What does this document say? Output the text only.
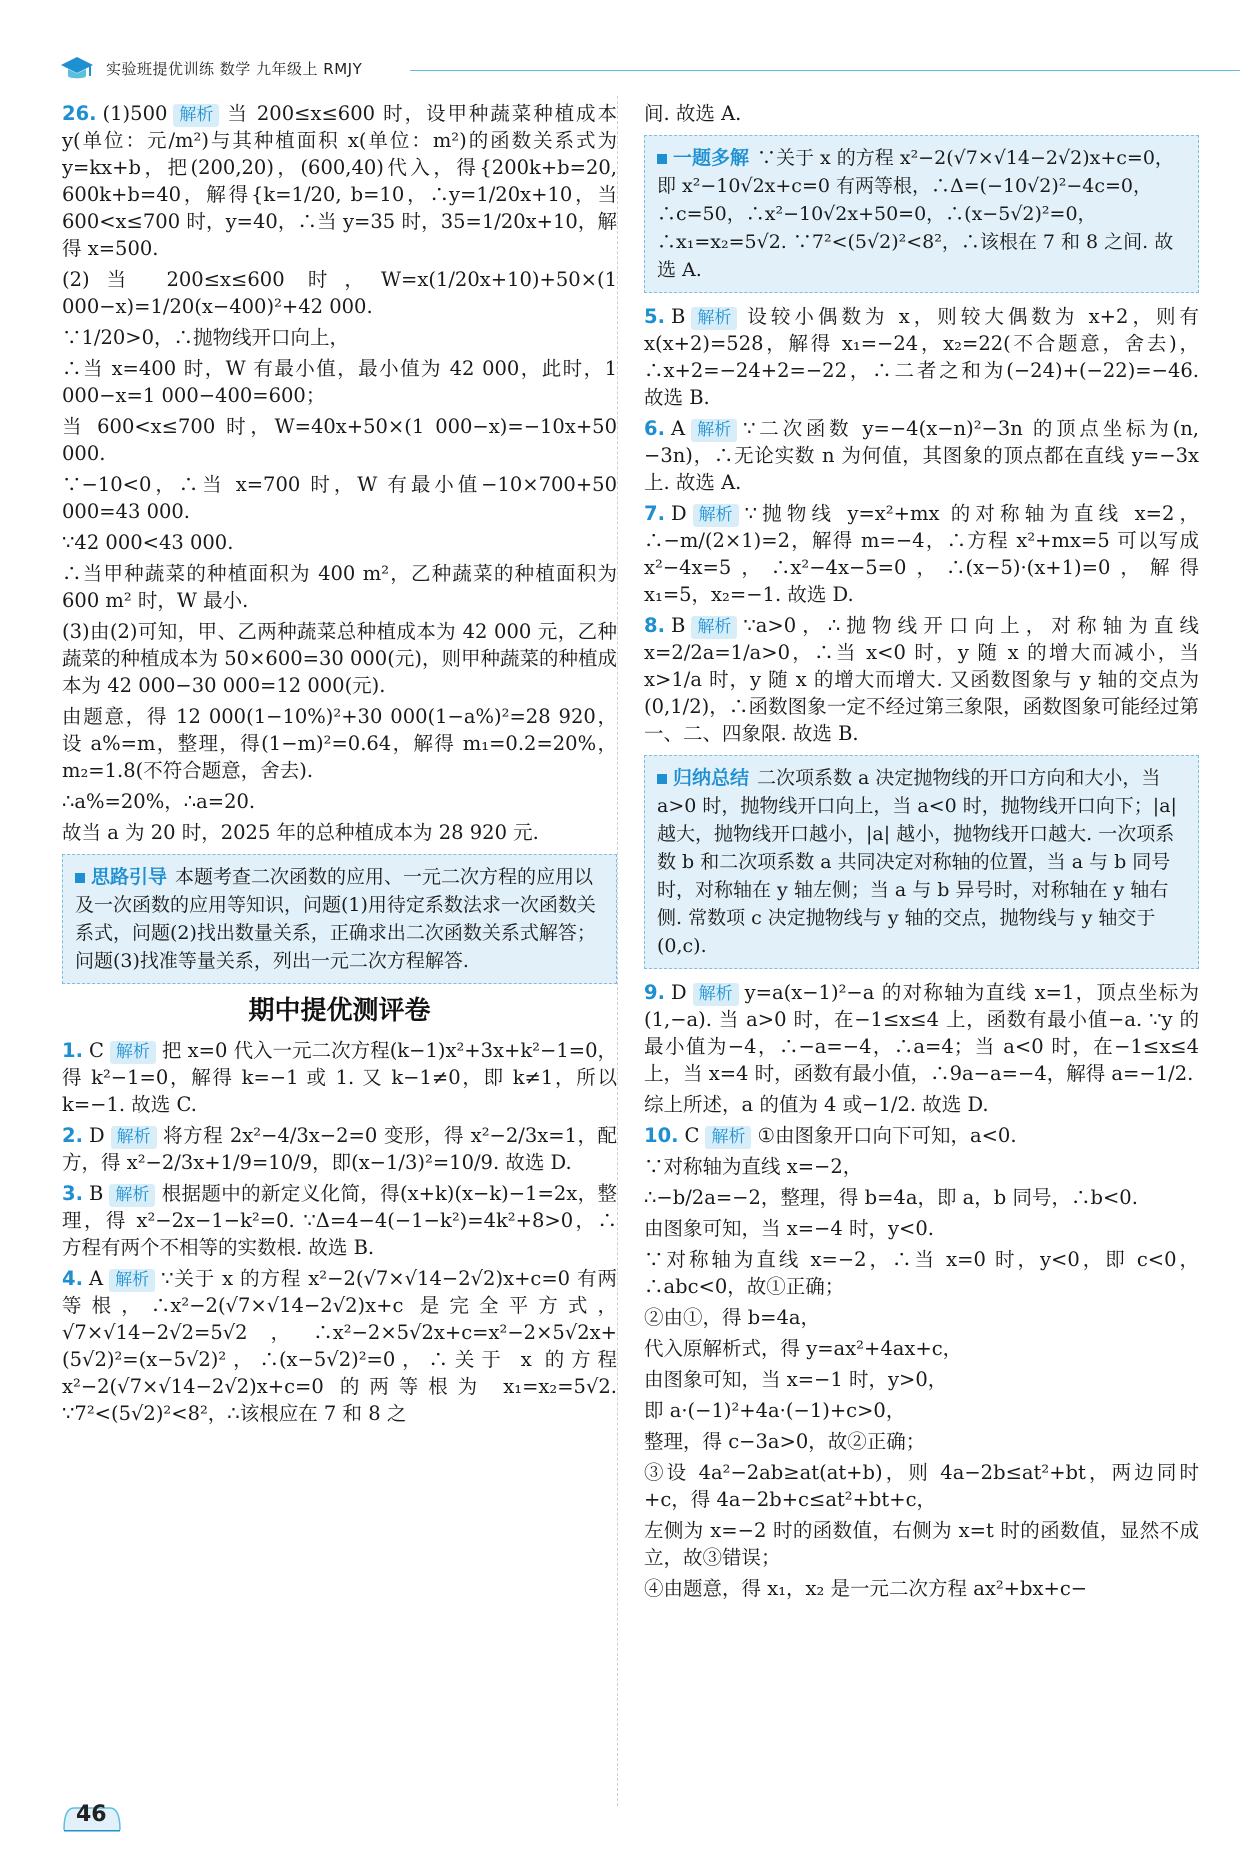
实验班提优训练 数学 九年级上 RMJY

26. (1)500 解析 当 200≤x≤600 时，设甲种蔬菜种植成本 y(单位：元/m²)与其种植面积 x(单位：m²)的函数关系式为 y=kx+b，把(200,20)，(600,40)代入，得{200k+b=20, 600k+b=40，解得{k=1/20, b=10，∴y=1/20x+10，当 600<x≤700 时，y=40，∴当 y=35 时，35=1/20x+10，解得 x=500.

(2)当 200≤x≤600 时，W=x(1/20x+10)+50×(1 000−x)=1/20(x−400)²+42 000.

∵1/20>0，∴抛物线开口向上，

∴当 x=400 时，W 有最小值，最小值为 42 000，此时，1 000−x=1 000−400=600；

当 600<x≤700 时，W=40x+50×(1 000−x)=−10x+50 000.

∵−10<0，∴当 x=700 时，W 有最小值−10×700+50 000=43 000.

∵42 000<43 000.

∴当甲种蔬菜的种植面积为 400 m²，乙种蔬菜的种植面积为 600 m² 时，W 最小.

(3)由(2)可知，甲、乙两种蔬菜总种植成本为 42 000 元，乙种蔬菜的种植成本为 50×600=30 000(元)，则甲种蔬菜的种植成本为 42 000−30 000=12 000(元).

由题意，得 12 000(1−10%)²+30 000(1−a%)²=28 920，设 a%=m，整理，得(1−m)²=0.64，解得 m₁=0.2=20%，m₂=1.8(不符合题意，舍去).

∴a%=20%，∴a=20.

故当 a 为 20 时，2025 年的总种植成本为 28 920 元.

思路引导 本题考查二次函数的应用、一元二次方程的应用以及一次函数的应用等知识，问题(1)用待定系数法求一次函数关系式，问题(2)找出数量关系，正确求出二次函数关系式解答；问题(3)找准等量关系，列出一元二次方程解答.
期中提优测评卷

1. C 解析 把 x=0 代入一元二次方程(k−1)x²+3x+k²−1=0，得 k²−1=0，解得 k=−1 或 1. 又 k−1≠0，即 k≠1，所以 k=−1. 故选 C.

2. D 解析 将方程 2x²−4/3x−2=0 变形，得 x²−2/3x=1，配方，得 x²−2/3x+1/9=10/9，即(x−1/3)²=10/9. 故选 D.

3. B 解析 根据题中的新定义化简，得(x+k)(x−k)−1=2x，整理，得 x²−2x−1−k²=0. ∵Δ=4−4(−1−k²)=4k²+8>0，∴方程有两个不相等的实数根. 故选 B.

4. A 解析 ∵关于 x 的方程 x²−2(√7×√14−2√2)x+c=0 有两等根，∴x²−2(√7×√14−2√2)x+c 是完全平方式，√7×√14−2√2=5√2，∴x²−2×5√2x+c=x²−2×5√2x+(5√2)²=(x−5√2)²，∴(x−5√2)²=0，∴关于 x 的方程 x²−2(√7×√14−2√2)x+c=0 的两等根为 x₁=x₂=5√2. ∵7²<(5√2)²<8²，∴该根应在 7 和 8 之

间. 故选 A.

一题多解 ∵关于 x 的方程 x²−2(√7×√14−2√2)x+c=0，即 x²−10√2x+c=0 有两等根，∴Δ=(−10√2)²−4c=0，∴c=50，∴x²−10√2x+50=0，∴(x−5√2)²=0，∴x₁=x₂=5√2. ∵7²<(5√2)²<8²，∴该根在 7 和 8 之间. 故选 A.

5. B 解析 设较小偶数为 x，则较大偶数为 x+2，则有 x(x+2)=528，解得 x₁=−24，x₂=22(不合题意，舍去)，∴x+2=−24+2=−22，∴二者之和为(−24)+(−22)=−46. 故选 B.

6. A 解析 ∵二次函数 y=−4(x−n)²−3n 的顶点坐标为(n,−3n)，∴无论实数 n 为何值，其图象的顶点都在直线 y=−3x 上. 故选 A.

7. D 解析 ∵抛物线 y=x²+mx 的对称轴为直线 x=2，∴−m/(2×1)=2，解得 m=−4，∴方程 x²+mx=5 可以写成 x²−4x=5，∴x²−4x−5=0，∴(x−5)·(x+1)=0，解得 x₁=5，x₂=−1. 故选 D.

8. B 解析 ∵a>0，∴抛物线开口向上，对称轴为直线 x=2/2a=1/a>0，∴当 x<0 时，y 随 x 的增大而减小，当 x>1/a 时，y 随 x 的增大而增大. 又函数图象与 y 轴的交点为(0,1/2)，∴函数图象一定不经过第三象限，函数图象可能经过第一、二、四象限. 故选 B.

归纳总结 二次项系数 a 决定抛物线的开口方向和大小，当 a>0 时，抛物线开口向上，当 a<0 时，抛物线开口向下；|a| 越大，抛物线开口越小，|a| 越小，抛物线开口越大. 一次项系数 b 和二次项系数 a 共同决定对称轴的位置，当 a 与 b 同号时，对称轴在 y 轴左侧；当 a 与 b 异号时，对称轴在 y 轴右侧. 常数项 c 决定抛物线与 y 轴的交点，抛物线与 y 轴交于(0,c).

9. D 解析 y=a(x−1)²−a 的对称轴为直线 x=1，顶点坐标为(1,−a). 当 a>0 时，在−1≤x≤4 上，函数有最小值−a. ∵y 的最小值为−4，∴−a=−4，∴a=4；当 a<0 时，在−1≤x≤4 上，当 x=4 时，函数有最小值，∴9a−a=−4，解得 a=−1/2.

综上所述，a 的值为 4 或−1/2. 故选 D.

10. C 解析 ①由图象开口向下可知，a<0.

∵对称轴为直线 x=−2，

∴−b/2a=−2，整理，得 b=4a，即 a，b 同号，∴b<0.

由图象可知，当 x=−4 时，y<0.

∵对称轴为直线 x=−2，∴当 x=0 时，y<0，即 c<0，∴abc<0，故①正确；

②由①，得 b=4a，

代入原解析式，得 y=ax²+4ax+c，

由图象可知，当 x=−1 时，y>0，

即 a·(−1)²+4a·(−1)+c>0，

整理，得 c−3a>0，故②正确；

③设 4a²−2ab≥at(at+b)，则 4a−2b≤at²+bt，两边同时+c，得 4a−2b+c≤at²+bt+c，

左侧为 x=−2 时的函数值，右侧为 x=t 时的函数值，显然不成立，故③错误；

④由题意，得 x₁，x₂ 是一元二次方程 ax²+bx+c−

46
